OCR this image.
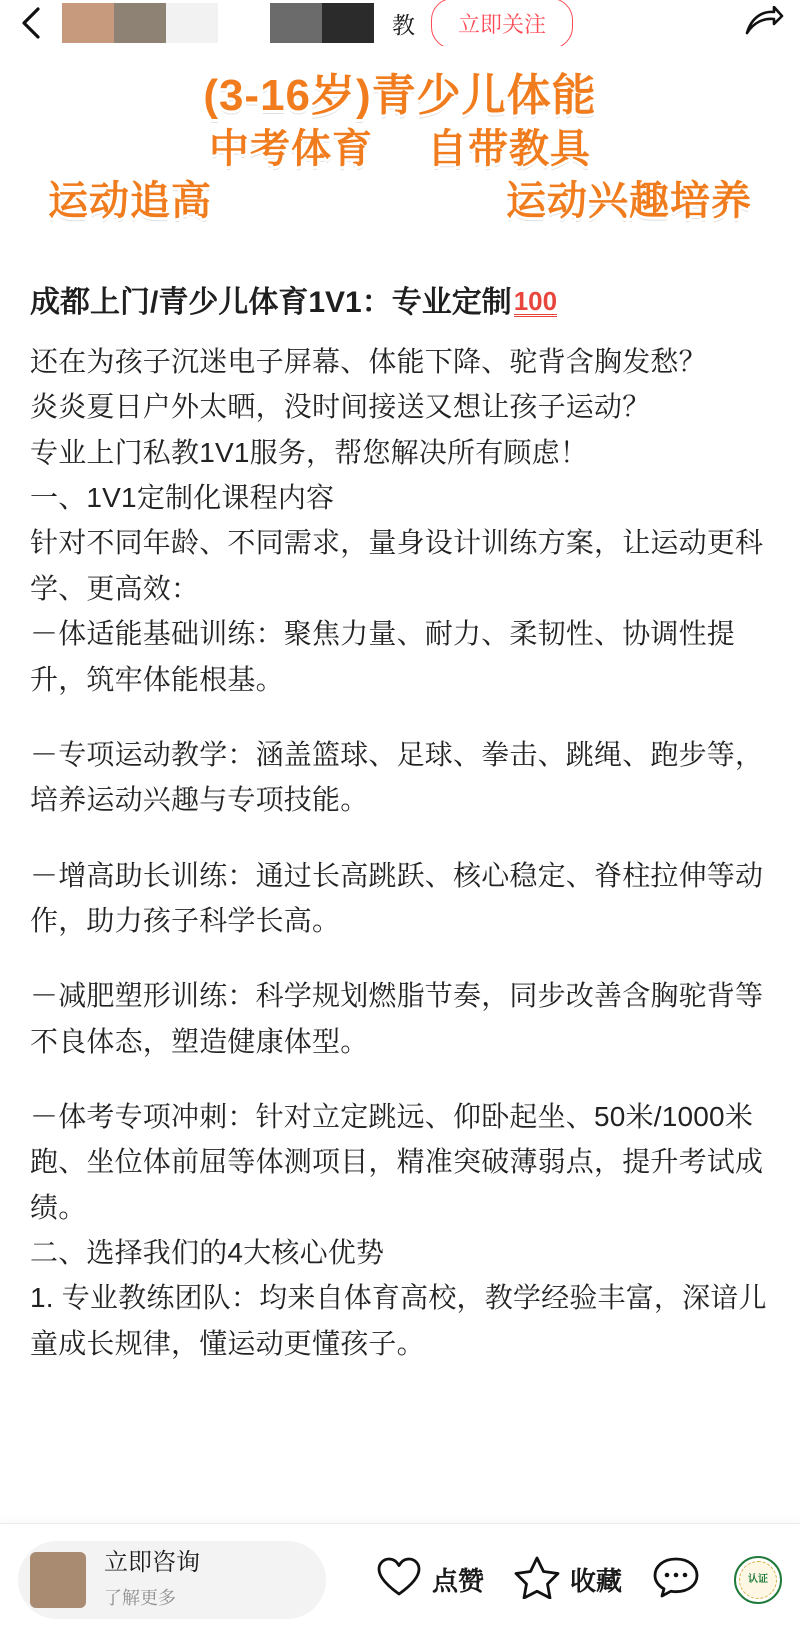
教	立即关注
(3-16岁)青少儿体能
中考体育 自带教具
运动追高	运动兴趣培养
成都上门/青少儿体育1V1：专业定制 100
还在为孩子沉迷电子屏幕、体能下降、驼背含胸发愁？
炎炎夏日户外太晒，没时间接送又想让孩子运动？
专业上门私教1V1服务，帮您解决所有顾虑！
一、1V1定制化课程内容
针对不同年龄、不同需求，量身设计训练方案，让运动更科学、更高效：
－体适能基础训练：聚焦力量、耐力、柔韧性、协调性提升，筑牢体能根基。
－专项运动教学：涵盖篮球、足球、拳击、跳绳、跑步等，培养运动兴趣与专项技能。
－增高助长训练：通过长高跳跃、核心稳定、脊柱拉伸等动作，助力孩子科学长高。
－减肥塑形训练：科学规划燃脂节奏，同步改善含胸驼背等不良体态，塑造健康体型。
－体考专项冲刺：针对立定跳远、仰卧起坐、50米/1000米跑、坐位体前屈等体测项目，精准突破薄弱点，提升考试成绩。
二、选择我们的4大核心优势
1. 专业教练团队：均来自体育高校，教学经验丰富，深谙儿童成长规律，懂运动更懂孩子。
立即咨询
了解更多
点赞	收藏	认证
